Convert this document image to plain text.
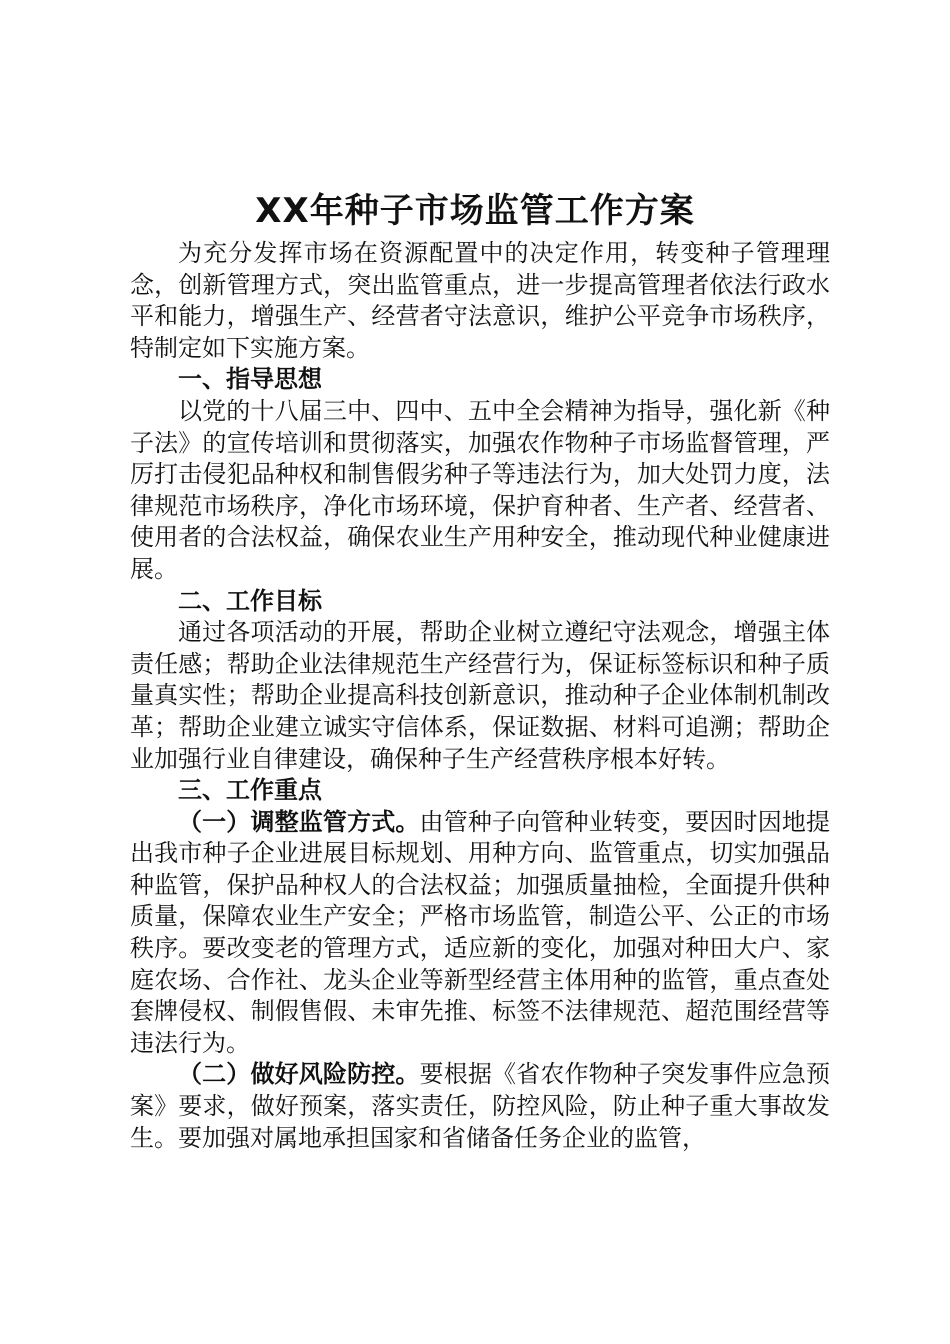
XX年种子市场监管工作方案

为充分发挥市场在资源配置中的决定作用，转变种子管理理念，创新管理方式，突出监管重点，进一步提高管理者依法行政水平和能力，增强生产、经营者守法意识，维护公平竞争市场秩序，特制定如下实施方案。

一、指导思想

以党的十八届三中、四中、五中全会精神为指导，强化新《种子法》的宣传培训和贯彻落实，加强农作物种子市场监督管理，严厉打击侵犯品种权和制售假劣种子等违法行为，加大处罚力度，法律规范市场秩序，净化市场环境，保护育种者、生产者、经营者、使用者的合法权益，确保农业生产用种安全，推动现代种业健康进展。

二、工作目标

通过各项活动的开展，帮助企业树立遵纪守法观念，增强主体责任感；帮助企业法律规范生产经营行为，保证标签标识和种子质量真实性；帮助企业提高科技创新意识，推动种子企业体制机制改革；帮助企业建立诚实守信体系，保证数据、材料可追溯；帮助企业加强行业自律建设，确保种子生产经营秩序根本好转。

三、工作重点

（一）调整监管方式。由管种子向管种业转变，要因时因地提出我市种子企业进展目标规划、用种方向、监管重点，切实加强品种监管，保护品种权人的合法权益；加强质量抽检，全面提升供种质量，保障农业生产安全；严格市场监管，制造公平、公正的市场秩序。要改变老的管理方式，适应新的变化，加强对种田大户、家庭农场、合作社、龙头企业等新型经营主体用种的监管，重点查处套牌侵权、制假售假、未审先推、标签不法律规范、超范围经营等违法行为。

（二）做好风险防控。要根据《省农作物种子突发事件应急预案》要求，做好预案，落实责任，防控风险，防止种子重大事故发生。要加强对属地承担国家和省储备任务企业的监管，
